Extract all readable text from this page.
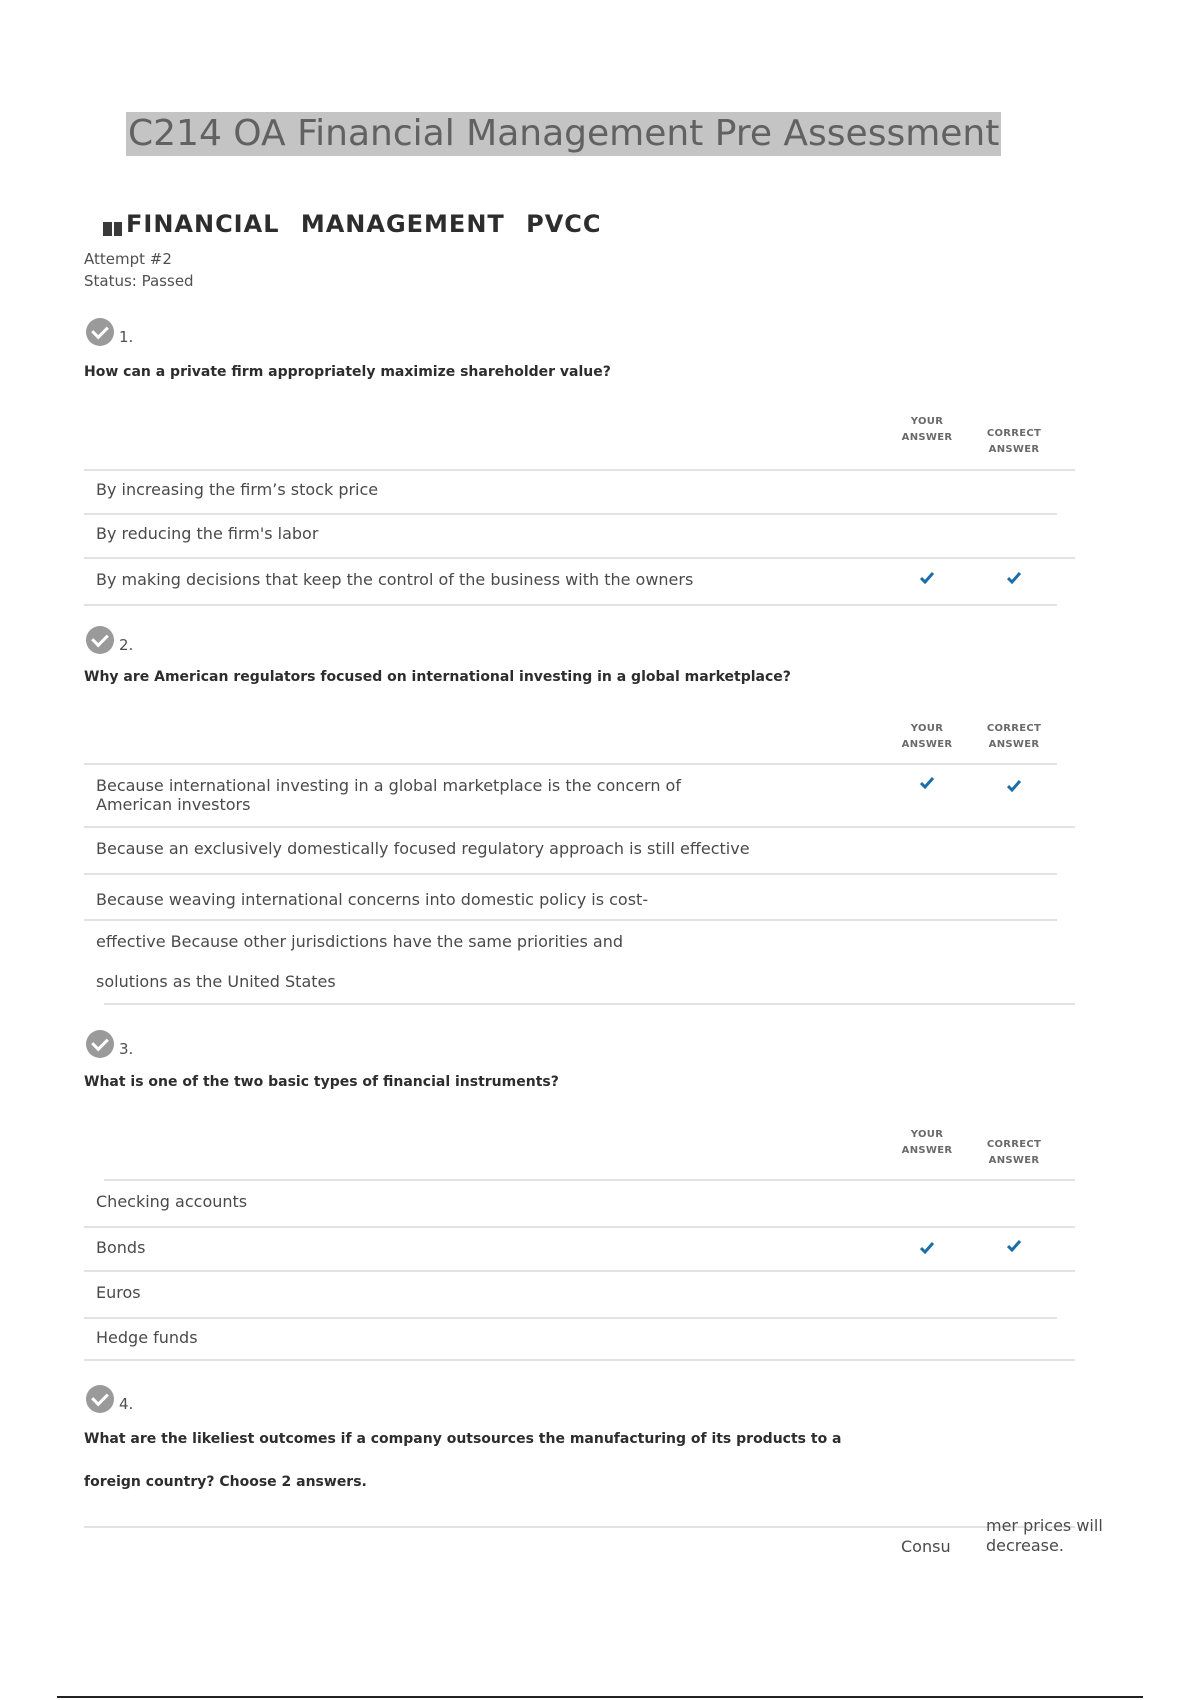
C214 OA Financial Management Pre Assessment
FINANCIAL MANAGEMENT PVCC
Attempt #2
Status: Passed
1.
How can a private firm appropriately maximize shareholder value?
YOUR
ANSWER	CORRECT
ANSWER
By increasing the firm’s stock price
By reducing the firm's labor
By making decisions that keep the control of the business with the owners
2.
Why are American regulators focused on international investing in a global marketplace?
YOUR
ANSWER
CORRECT
ANSWER
Because international investing in a global marketplace is the concern of
American investors
Because an exclusively domestically focused regulatory approach is still effective
Because weaving international concerns into domestic policy is cost-
effective Because other jurisdictions have the same priorities and
solutions as the United States
3.
What is one of the two basic types of financial instruments?
YOUR
ANSWER
CORRECT
ANSWER
Checking accounts
Bonds
Euros
Hedge funds
4.
What are the likeliest outcomes if a company outsources the manufacturing of its products to a
foreign country? Choose 2 answers.
Consu
mer prices will
decrease.
